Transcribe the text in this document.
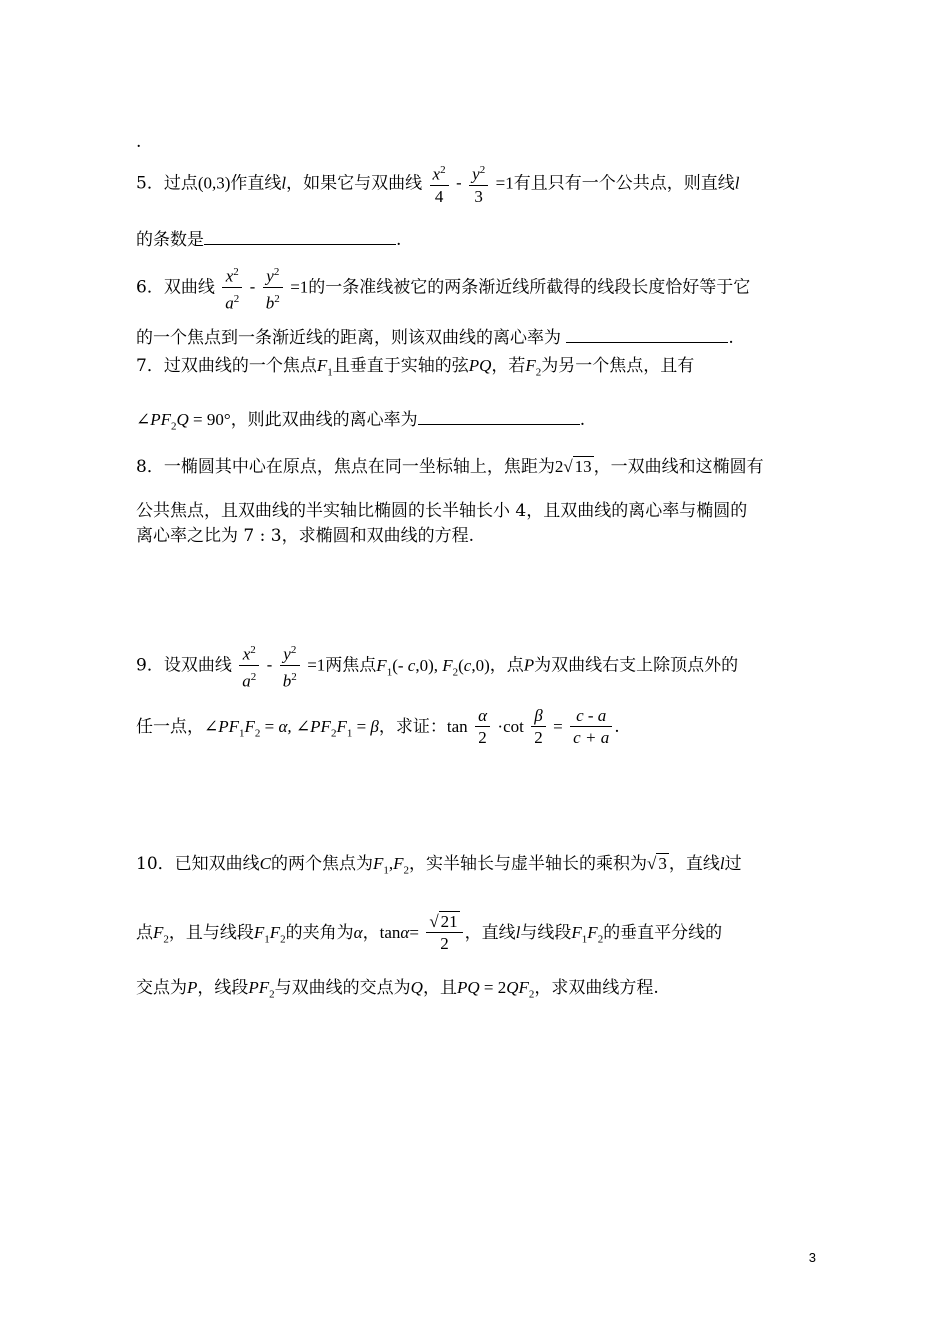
.
5．过点(0,3)作直线l，如果它与双曲线 $\frac{x^2}{4} - \frac{y^2}{3} =1$有且只有一个公共点，则直线l
的条数是	.
6．双曲线 $\frac{x^2}{a^2} - \frac{y^2}{b^2} =1$的一条准线被它的两条渐近线所截得的线段长度恰好等于它
的一个焦点到一条渐近线的距离，则该双曲线的离心率为	.
7．过双曲线的一个焦点$F_1$且垂直于实轴的弦PQ，若$F_2$为另一个焦点，且有
$\angle PF_2Q = 90^\circ$，则此双曲线的离心率为	.
8．一椭圆其中心在原点，焦点在同一坐标轴上，焦距为2√ 13 ，一双曲线和这椭圆有
公共焦点，且双曲线的半实轴比椭圆的长半轴长小 4，且双曲线的离心率与椭圆的
离心率之比为 7 : 3，求椭圆和双曲线的方程.
9．设双曲线 $\frac{x^2}{a^2} - \frac{y^2}{b^2} =1$两焦点$F_1(-$ c,0), $F_2(c,0)$，点P为双曲线右支上除顶点外的
任一点，$\angle PF_1F_2 = \alpha$, $\angle PF_2F_1 = \beta$，求证：$\tan \frac{\alpha}{2} \cdot\cot \frac{\beta}{2} = \frac{c - a}{c + a}$ .
10．已知双曲线C的两个焦点为$F_1,F_2$，实半轴长与虚半轴长的乘积为√ 3 ，直线l过
点$F_2$，且与线段$F_1F_2$的夹角为α，$\tan\alpha= \frac{√ 21}{2}$ ，直线l与线段$F_1F_2$的垂直平分线的
交点为P，线段$PF_2$与双曲线的交点为Q，且PQ = $2QF_2$，求双曲线方程.
3
